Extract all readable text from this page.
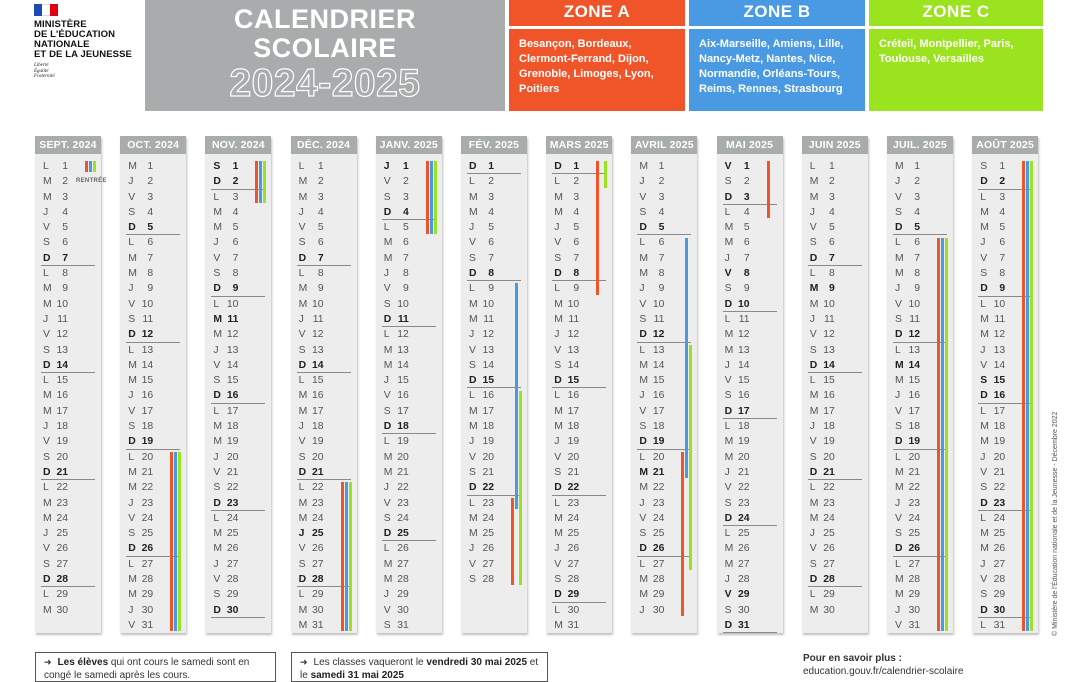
MINISTÈRE
DE L'ÉDUCATION
NATIONALE
ET DE LA JEUNESSE
Liberté
Égalité
Fraternité
CALENDRIER
SCOLAIRE
2024-2025
ZONE A
Besançon, Bordeaux, Clermont-Ferrand, Dijon, Grenoble, Limoges, Lyon, Poitiers
ZONE B
Aix-Marseille, Amiens, Lille, Nancy-Metz, Nantes, Nice, Normandie, Orléans-Tours, Reims, Rennes, Strasbourg
ZONE C
Créteil, Montpellier, Paris, Toulouse, Versailles
SEPT. 2024
L	1
M	2 RENTRÉE
M	3
J	4
V	5
S	6
D	7
L	8
M	9
M 10
J 11
V 12
S 13
D 14
L 15
M 16
M 17
J 18
V 19
S 20
D 21
L 22
M 23
M 24
J 25
V 26
S 27
D 28
L 29
M 30
OCT. 2024
M	1
J	2
V	3
S	4
D	5
L	6
M	7
M	8
J	9
V 10
S 11
D 12
L 13
M 14
M 15
J 16
V 17
S 18
D 19
L 20
M 21
M 22
J 23
V 24
S 25
D 26
L 27
M 28
M 29
J 30
V 31
NOV. 2024
S	1
D	2
L	3
M	4
M	5
J	6
V	7
S	8
D	9
L 10
M 11
M 12
J 13
V 14
S 15
D 16
L 17
M 18
M 19
J 20
V 21
S 22
D 23
L 24
M 25
M 26
J 27
V 28
S 29
D 30
DÉC. 2024
L	1
M	2
M	3
J	4
V	5
S	6
D	7
L	8
M	9
M 10
J 11
V 12
S 13
D 14
L 15
M 16
M 17
J 18
V 19
S 20
D 21
L 22
M 23
M 24
J 25
V 26
S 27
D 28
L 29
M 30
M 31
JANV. 2025
J	1
V	2
S	3
D	4
L	5
M	6
M	7
J	8
V	9
S 10
D 11
L 12
M 13
M 14
J 15
V 16
S 17
D 18
L 19
M 20
M 21
J 22
V 23
S 24
D 25
L 26
M 27
M 28
J 29
V 30
S 31
FÉV. 2025
D	1
L	2
M	3
M	4
J	5
V	6
S	7
D	8
L	9
M 10
M 11
J 12
V 13
S 14
D 15
L 16
M 17
M 18
J 19
V 20
S 21
D 22
L 23
M 24
M 25
J 26
V 27
S 28
MARS 2025
D	1
L	2
M	3
M	4
J	5
V	6
S	7
D	8
L	9
M 10
M 11
J 12
V 13
S 14
D 15
L 16
M 17
M 18
J 19
V 20
S 21
D 22
L 23
M 24
M 25
J 26
V 27
S 28
D 29
L 30
M 31
AVRIL 2025
M	1
J	2
V	3
S	4
D	5
L	6
M	7
M	8
J	9
V 10
S 11
D 12
L 13
M 14
M 15
J 16
V 17
S 18
D 19
L 20
M 21
M 22
J 23
V 24
S 25
D 26
L 27
M 28
M 29
J 30
MAI 2025
V	1
S	2
D	3
L	4
M	5
M	6
J	7
V	8
S	9
D 10
L 11
M 12
M 13
J 14
V 15
S 16
D 17
L 18
M 19
M 20
J 21
V 22
S 23
D 24
L 25
M 26
M 27
J 28
V 29
S 30
D 31
JUIN 2025
L	1
M	2
M	3
J	4
V	5
S	6
D	7
L	8
M	9
M 10
J 11
V 12
S 13
D 14
L 15
M 16
M 17
J 18
V 19
S 20
D 21
L 22
M 23
M 24
J 25
V 26
S 27
D 28
L 29
M 30
JUIL. 2025
M	1
J	2
V	3
S	4
D	5
L	6
M	7
M	8
J	9
V 10
S 11
D 12
L 13
M 14
M 15
J 16
V 17
S 18
D 19
L 20
M 21
M 22
J 23
V 24
S 25
D 26
L 27
M 28
M 29
J 30
V 31
AOÛT 2025
S	1
D	2
L	3
M	4
M	5
J	6
V	7
S	8
D	9
L 10
M 11
M 12
J 13
V 14
S 15
D 16
L 17
M 18
M 19
J 20
V 21
S 22
D 23
L 24
M 25
M 26
J 27
V 28
S 29
D 30
L 31
➜ Les élèves qui ont cours le samedi sont en congé le samedi après les cours.
➜ Les classes vaqueront le vendredi 30 mai 2025 et le samedi 31 mai 2025
Pour en savoir plus :
education.gouv.fr/calendrier-scolaire
© Ministère de l'Éducation nationale et de la Jeunesse - Décembre 2022
